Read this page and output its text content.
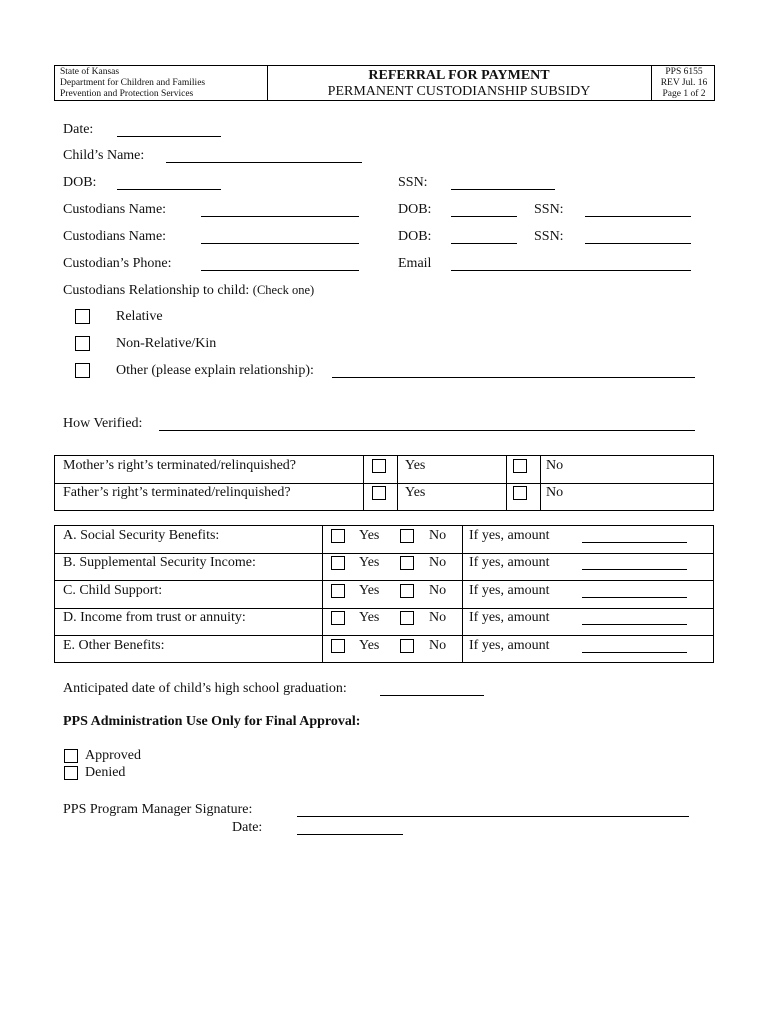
State of Kansas
Department for Children and Families
Prevention and Protection Services
REFERRAL FOR PAYMENT
PERMANENT CUSTODIANSHIP SUBSIDY
PPS 6155
REV Jul. 16
Page 1 of 2
Date:
Child’s Name:
DOB:	SSN:
Custodians Name:	DOB:	SSN:
Custodians Name:	DOB:	SSN:
Custodian’s Phone:	Email
Custodians Relationship to child: (Check one)
Relative
Non-Relative/Kin
Other (please explain relationship):
How Verified:
Mother’s right’s terminated/relinquished?	Yes	No
Father’s right’s terminated/relinquished?	Yes	No
A. Social Security Benefits:	Yes	No If yes, amount
B. Supplemental Security Income:	Yes	No If yes, amount
C. Child Support:	Yes	No If yes, amount
D. Income from trust or annuity:	Yes	No If yes, amount
E. Other Benefits:	Yes	No If yes, amount
Anticipated date of child’s high school graduation:
PPS Administration Use Only for Final Approval:
Approved
Denied
PPS Program Manager Signature:
Date:
